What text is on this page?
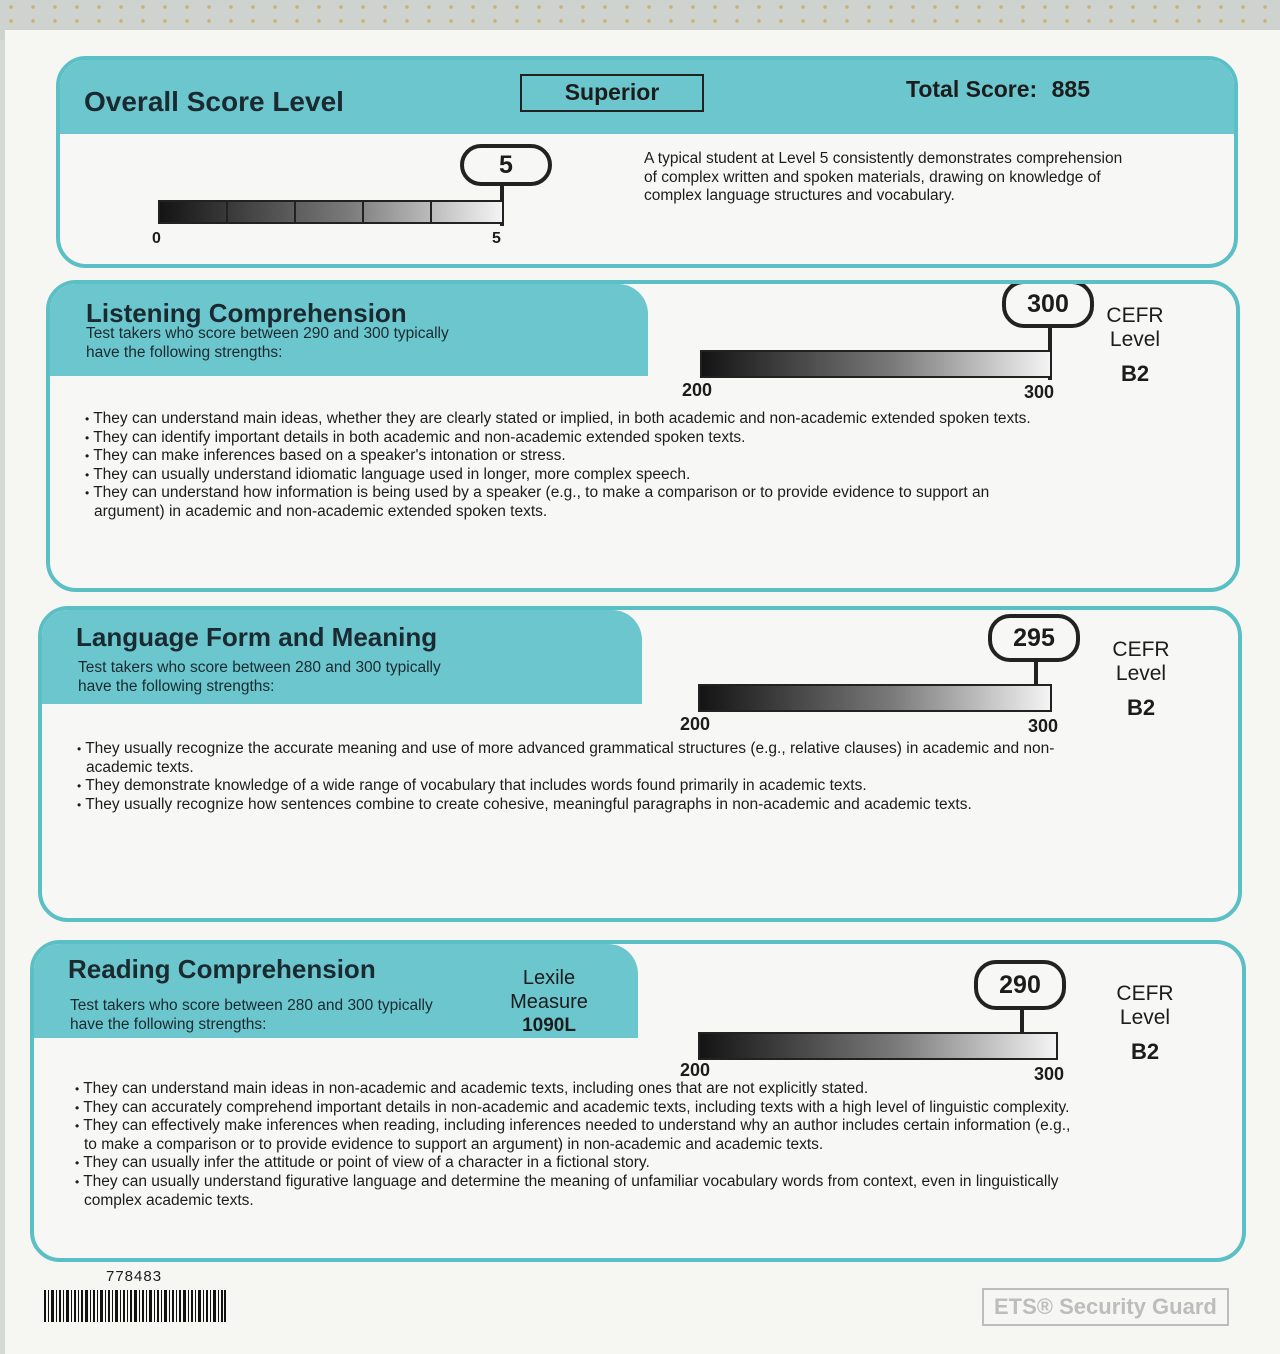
Overall Score Level	Superior	Total Score: 885
5
0	5
A typical student at Level 5 consistently demonstrates comprehension of complex written and spoken materials, drawing on knowledge of complex language structures and vocabulary.
Listening Comprehension
Test takers who score between 290 and 300 typically have the following strengths:
300
200	300
CEFR Level
B2
• They can understand main ideas, whether they are clearly stated or implied, in both academic and non-academic extended spoken texts.
• They can identify important details in both academic and non-academic extended spoken texts.
• They can make inferences based on a speaker's intonation or stress.
• They can usually understand idiomatic language used in longer, more complex speech.
• They can understand how information is being used by a speaker (e.g., to make a comparison or to provide evidence to support an argument) in academic and non-academic extended spoken texts.
Language Form and Meaning
Test takers who score between 280 and 300 typically have the following strengths:
295
200	300
CEFR Level
B2
• They usually recognize the accurate meaning and use of more advanced grammatical structures (e.g., relative clauses) in academic and non-academic texts.
• They demonstrate knowledge of a wide range of vocabulary that includes words found primarily in academic texts.
• They usually recognize how sentences combine to create cohesive, meaningful paragraphs in non-academic and academic texts.
Reading Comprehension
Test takers who score between 280 and 300 typically have the following strengths:
Lexile Measure
1090L
290
200	300
CEFR Level
B2
• They can understand main ideas in non-academic and academic texts, including ones that are not explicitly stated.
• They can accurately comprehend important details in non-academic and academic texts, including texts with a high level of linguistic complexity.
• They can effectively make inferences when reading, including inferences needed to understand why an author includes certain information (e.g., to make a comparison or to provide evidence to support an argument) in non-academic and academic texts.
• They can usually infer the attitude or point of view of a character in a fictional story.
• They can usually understand figurative language and determine the meaning of unfamiliar vocabulary words from context, even in linguistically complex academic texts.
778483
ETS® Security Guard
